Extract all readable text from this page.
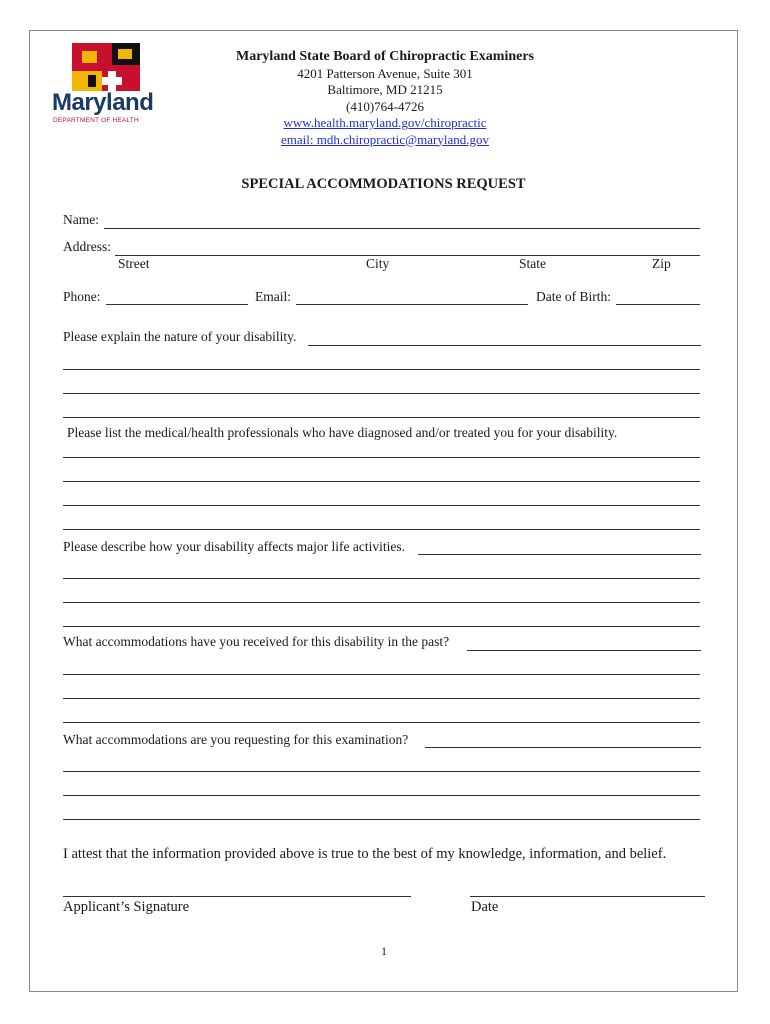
Maryland
DEPARTMENT OF HEALTH
Maryland State Board of Chiropractic Examiners
4201 Patterson Avenue, Suite 301
Baltimore, MD 21215
(410)764-4726
www.health.maryland.gov/chiropractic
email: mdh.chiropractic@maryland.gov
SPECIAL ACCOMMODATIONS REQUEST
Name:
Address:
Street	City	State	Zip
Phone:	Email:	Date of Birth:
Please explain the nature of your disability.
Please list the medical/health professionals who have diagnosed and/or treated you for your disability.
Please describe how your disability affects major life activities.
What accommodations have you received for this disability in the past?
What accommodations are you requesting for this examination?
I attest that the information provided above is true to the best of my knowledge, information, and belief.
Applicant’s Signature	Date
1
